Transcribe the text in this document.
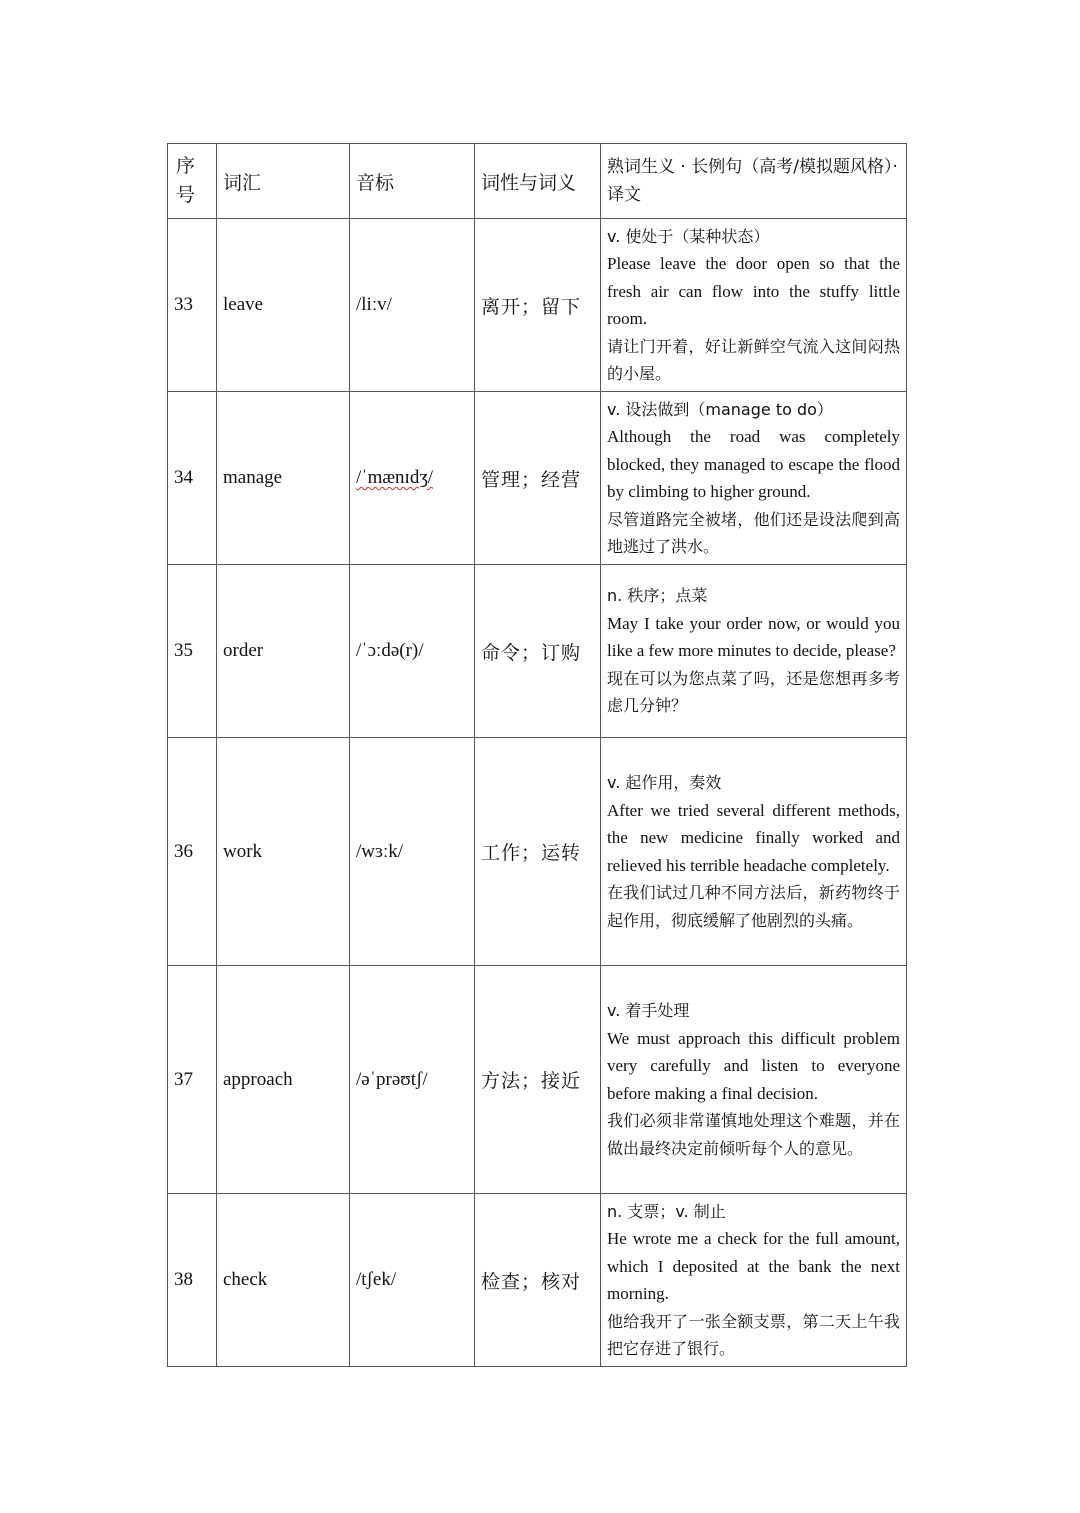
序号	词汇	音标	词性与词义	熟词生义 · 长例句（高考/模拟题风格）· 译文
33	leave	/liːv/	离开；留下	v. 使处于（某种状态）
Please leave the door open so that the fresh air can flow into the stuffy little room.
请让门开着，好让新鲜空气流入这间闷热的小屋。

34	manage	/ˈmænɪdʒ/	管理；经营	v. 设法做到（manage to do）
Although the road was completely blocked, they managed to escape the flood by climbing to higher ground.
尽管道路完全被堵，他们还是设法爬到高地逃过了洪水。

35	order	/ˈɔːdə(r)/	命令；订购	n. 秩序；点菜
May I take your order now, or would you like a few more minutes to decide, please?
现在可以为您点菜了吗，还是您想再多考虑几分钟？

36	work	/wɜːk/	工作；运转	v. 起作用，奏效
After we tried several different methods, the new medicine finally worked and relieved his terrible headache completely.
在我们试过几种不同方法后，新药物终于起作用，彻底缓解了他剧烈的头痛。

37	approach	/əˈprəʊtʃ/	方法；接近	v. 着手处理
We must approach this difficult problem very carefully and listen to everyone before making a final decision.
我们必须非常谨慎地处理这个难题，并在做出最终决定前倾听每个人的意见。

38	check	/tʃek/	检查；核对	n. 支票；v. 制止
He wrote me a check for the full amount, which I deposited at the bank the next morning.
他给我开了一张全额支票，第二天上午我把它存进了银行。
